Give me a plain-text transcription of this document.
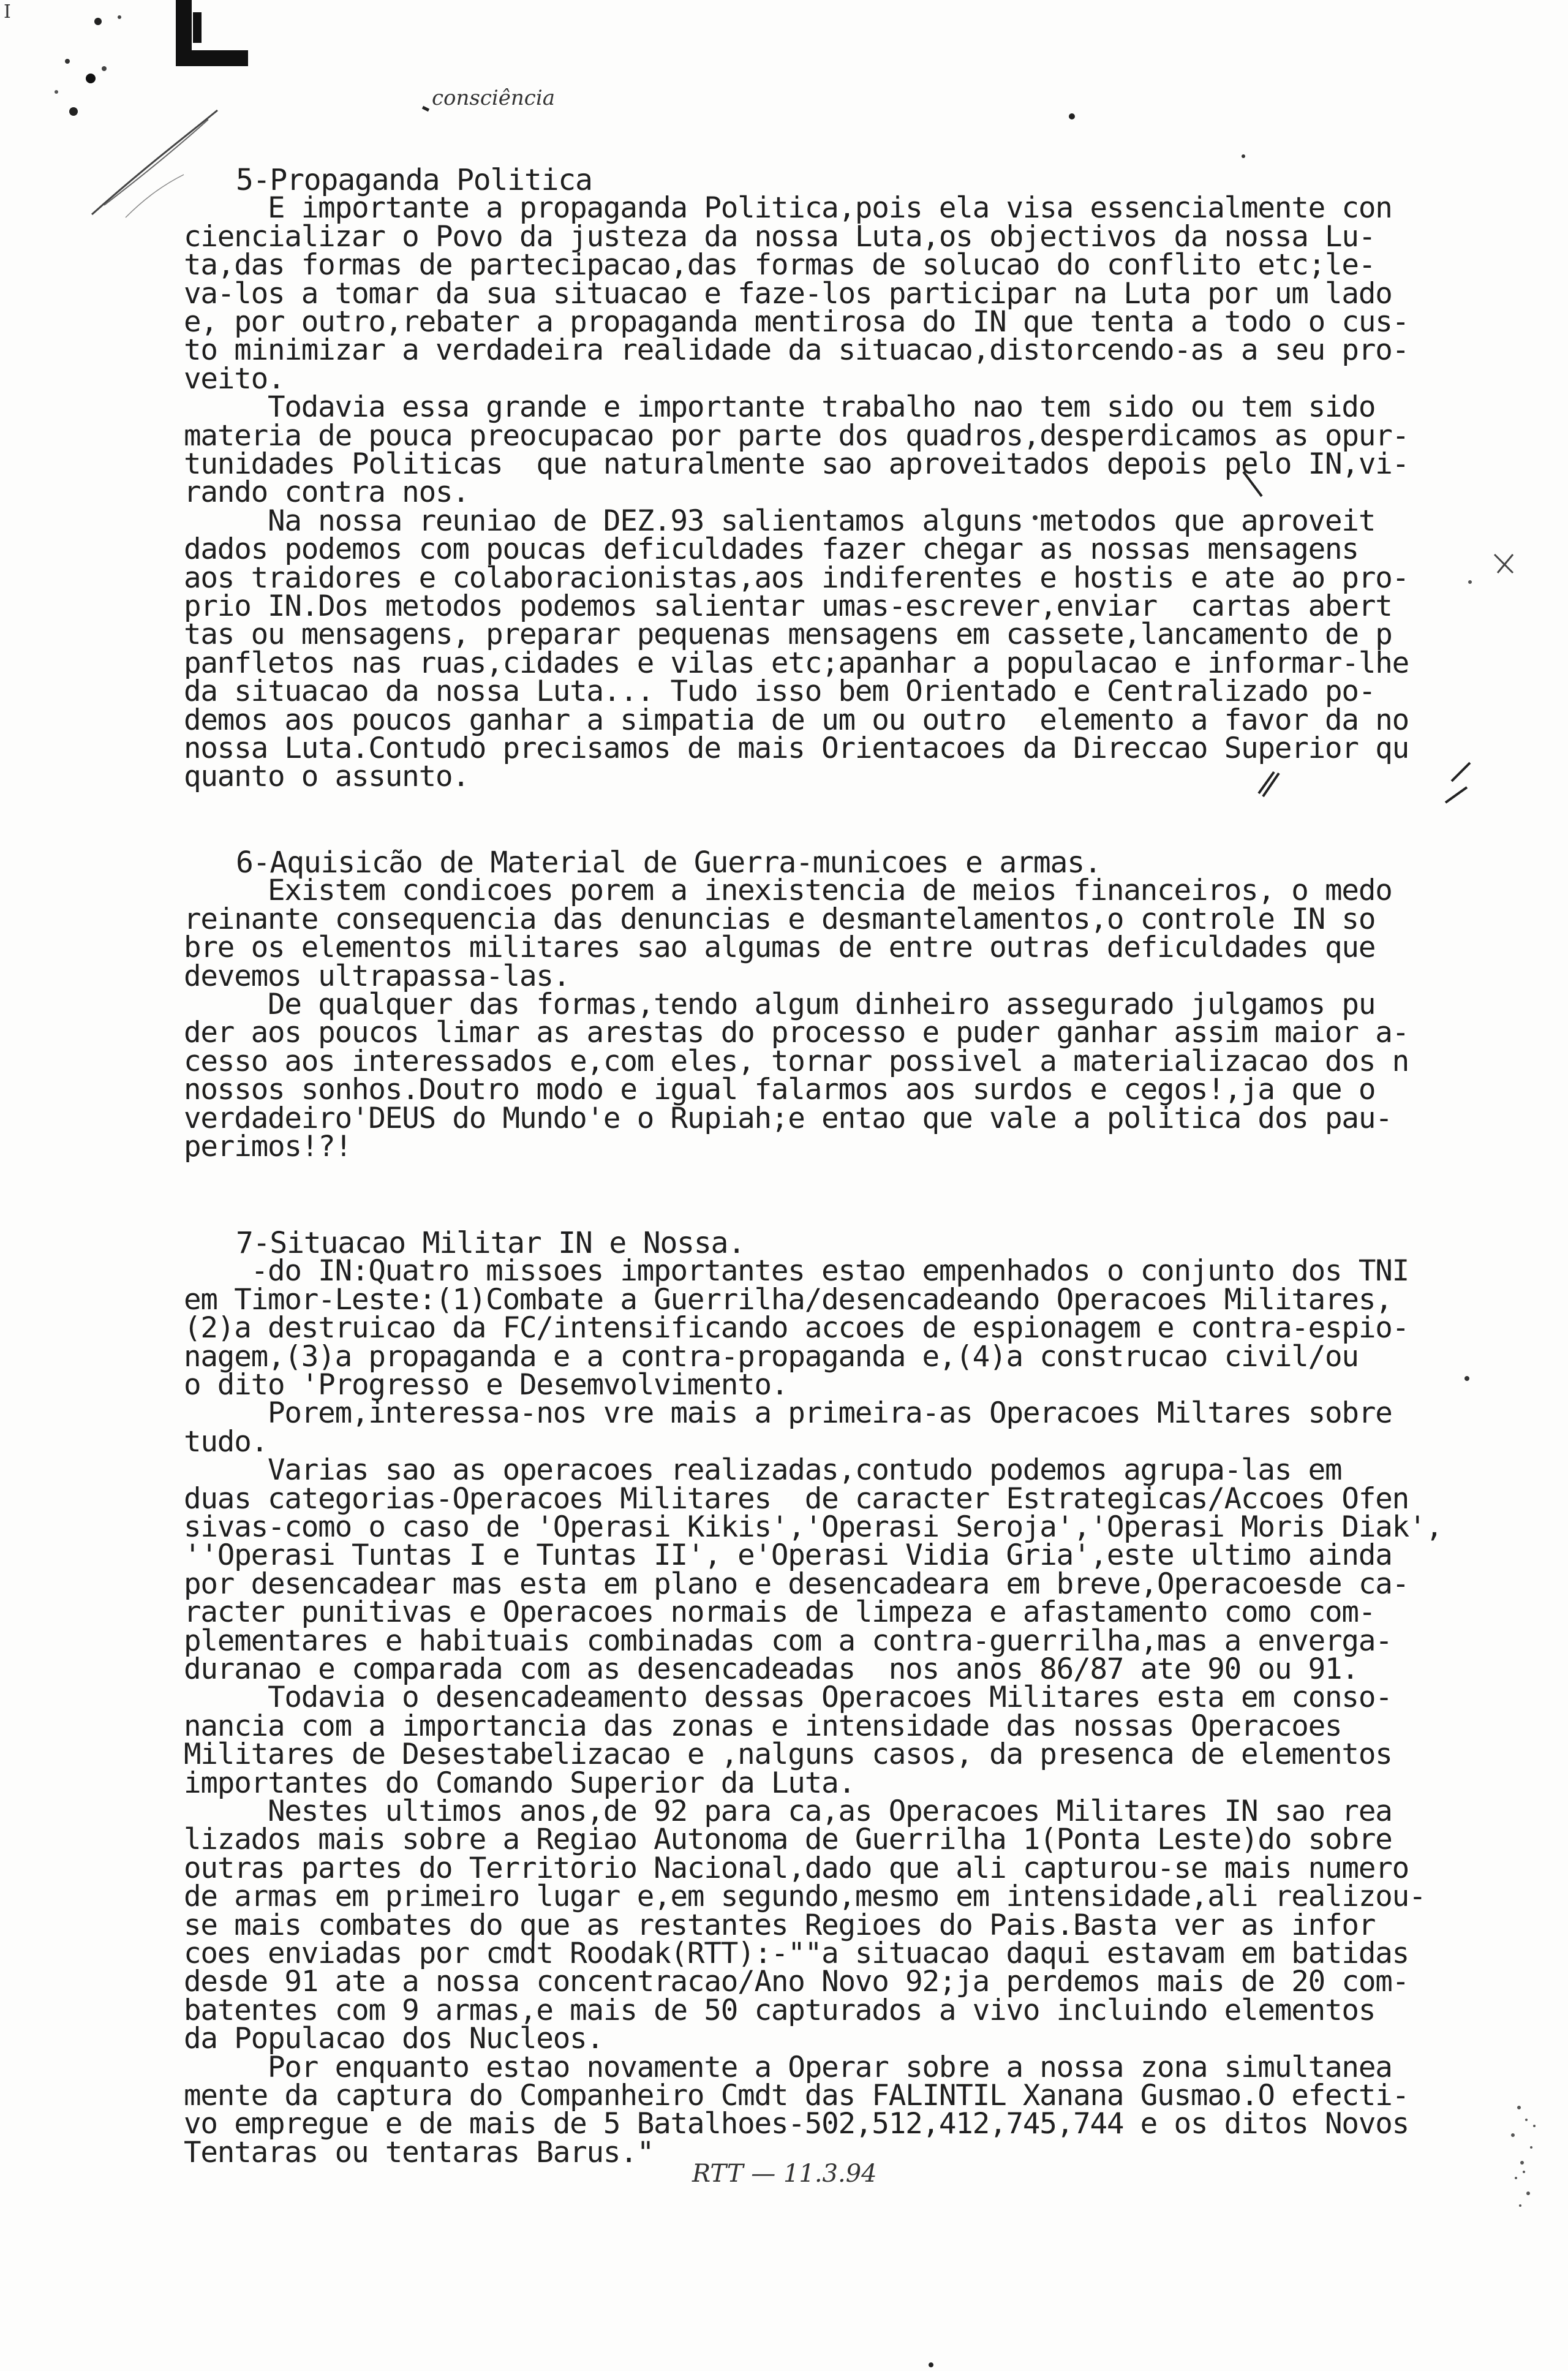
I
consciência
5-Propaganda Politica
E importante a propaganda Politica,pois ela visa essencialmente con
ciencializar o Povo da justeza da nossa Luta,os objectivos da nossa Lu-
ta,das formas de partecipacao,das formas de solucao do conflito etc;le-
va-los a tomar da sua situacao e faze-los participar na Luta por um lado
e, por outro,rebater a propaganda mentirosa do IN que tenta a todo o cus-
to minimizar a verdadeira realidade da situacao,distorcendo-as a seu pro-
veito.
Todavia essa grande e importante trabalho nao tem sido ou tem sido
materia de pouca preocupacao por parte dos quadros,desperdicamos as opur-
tunidades Politicas  que naturalmente sao aproveitados depois pelo IN,vi-
rando contra nos.
Na nossa reuniao de DEZ.93 salientamos alguns metodos que aproveit
dados podemos com poucas deficuldades fazer chegar as nossas mensagens
aos traidores e colaboracionistas,aos indiferentes e hostis e ate ao pro-
prio IN.Dos metodos podemos salientar umas-escrever,enviar  cartas abert
tas ou mensagens, preparar pequenas mensagens em cassete,lancamento de p
panfletos nas ruas,cidades e vilas etc;apanhar a populacao e informar-lhe
da situacao da nossa Luta... Tudo isso bem Orientado e Centralizado po-
demos aos poucos ganhar a simpatia de um ou outro  elemento a favor da no
nossa Luta.Contudo precisamos de mais Orientacoes da Direccao Superior qu
quanto o assunto.
6-Aquisicão de Material de Guerra-municoes e armas.
Existem condicoes porem a inexistencia de meios financeiros, o medo
reinante consequencia das denuncias e desmantelamentos,o controle IN so
bre os elementos militares sao algumas de entre outras deficuldades que
devemos ultrapassa-las.
De qualquer das formas,tendo algum dinheiro assegurado julgamos pu
der aos poucos limar as arestas do processo e puder ganhar assim maior a-
cesso aos interessados e,com eles, tornar possivel a materializacao dos n
nossos sonhos.Doutro modo e igual falarmos aos surdos e cegos!,ja que o
verdadeiro'DEUS do Mundo'e o Rupiah;e entao que vale a politica dos pau-
perimos!?!
7-Situacao Militar IN e Nossa.
-do IN:Quatro missoes importantes estao empenhados o conjunto dos TNI
em Timor-Leste:(1)Combate a Guerrilha/desencadeando Operacoes Militares,
(2)a destruicao da FC/intensificando accoes de espionagem e contra-espio-
nagem,(3)a propaganda e a contra-propaganda e,(4)a construcao civil/ou
o dito 'Progresso e Desemvolvimento.
Porem,interessa-nos vre mais a primeira-as Operacoes Miltares sobre
tudo.
Varias sao as operacoes realizadas,contudo podemos agrupa-las em
duas categorias-Operacoes Militares  de caracter Estrategicas/Accoes Ofen
sivas-como o caso de 'Operasi Kikis','Operasi Seroja','Operasi Moris Diak',
''Operasi Tuntas I e Tuntas II', e'Operasi Vidia Gria',este ultimo ainda
por desencadear mas esta em plano e desencadeara em breve,Operacoesde ca-
racter punitivas e Operacoes normais de limpeza e afastamento como com-
plementares e habituais combinadas com a contra-guerrilha,mas a enverga-
duranao e comparada com as desencadeadas  nos anos 86/87 ate 90 ou 91.
Todavia o desencadeamento dessas Operacoes Militares esta em conso-
nancia com a importancia das zonas e intensidade das nossas Operacoes
Militares de Desestabelizacao e ,nalguns casos, da presenca de elementos
importantes do Comando Superior da Luta.
Nestes ultimos anos,de 92 para ca,as Operacoes Militares IN sao rea
lizados mais sobre a Regiao Autonoma de Guerrilha 1(Ponta Leste)do sobre
outras partes do Territorio Nacional,dado que ali capturou-se mais numero
de armas em primeiro lugar e,em segundo,mesmo em intensidade,ali realizou-
se mais combates do que as restantes Regioes do Pais.Basta ver as infor
coes enviadas por cmdt Roodak(RTT):-""a situacao daqui estavam em batidas
desde 91 ate a nossa concentracao/Ano Novo 92;ja perdemos mais de 20 com-
batentes com 9 armas,e mais de 50 capturados a vivo incluindo elementos
da Populacao dos Nucleos.
Por enquanto estao novamente a Operar sobre a nossa zona simultanea
mente da captura do Companheiro Cmdt das FALINTIL Xanana Gusmao.O efecti-
vo empregue e de mais de 5 Batalhoes-502,512,412,745,744 e os ditos Novos
Tentaras ou tentaras Barus."
RTT — 11.3.94
